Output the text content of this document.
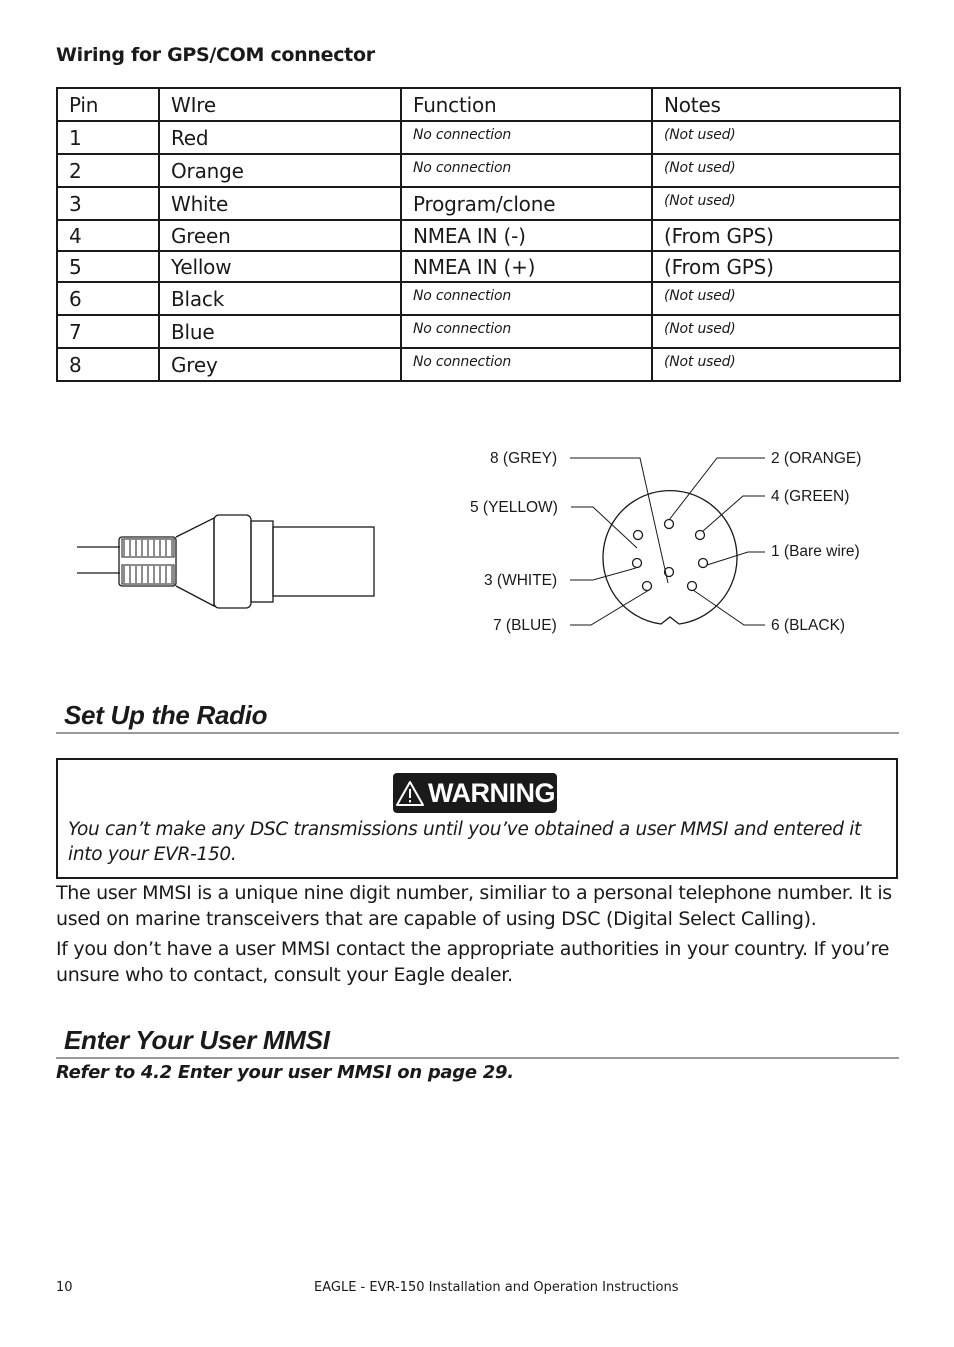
Wiring for GPS/COM connector
Pin	WIre	Function	Notes
1	Red	No connection	(Not used)
2	Orange	No connection	(Not used)
3	White	Program/clone	(Not used)
4	Green	NMEA IN (-)	(From GPS)
5	Yellow	NMEA IN (+)	(From GPS)
6	Black	No connection	(Not used)
7	Blue	No connection	(Not used)
8	Grey	No connection	(Not used)
8 (GREY)
5 (YELLOW)
3 (WHITE)
7 (BLUE)
2 (ORANGE)
4 (GREEN)
1 (Bare wire)
6 (BLACK)
Set Up the Radio
WARNING
You can’t make any DSC transmissions until you’ve obtained a user MMSI and entered it into your EVR-150.
The user MMSI is a unique nine digit number, similiar to a personal telephone number. It is used on marine transceivers that are capable of using DSC (Digital Select Calling).
If you don’t have a user MMSI contact the appropriate authorities in your country. If you’re unsure who to contact, consult your Eagle dealer.
Enter Your User MMSI
Refer to 4.2 Enter your user MMSI on page 29.
10	EAGLE - EVR-150 Installation and Operation Instructions
